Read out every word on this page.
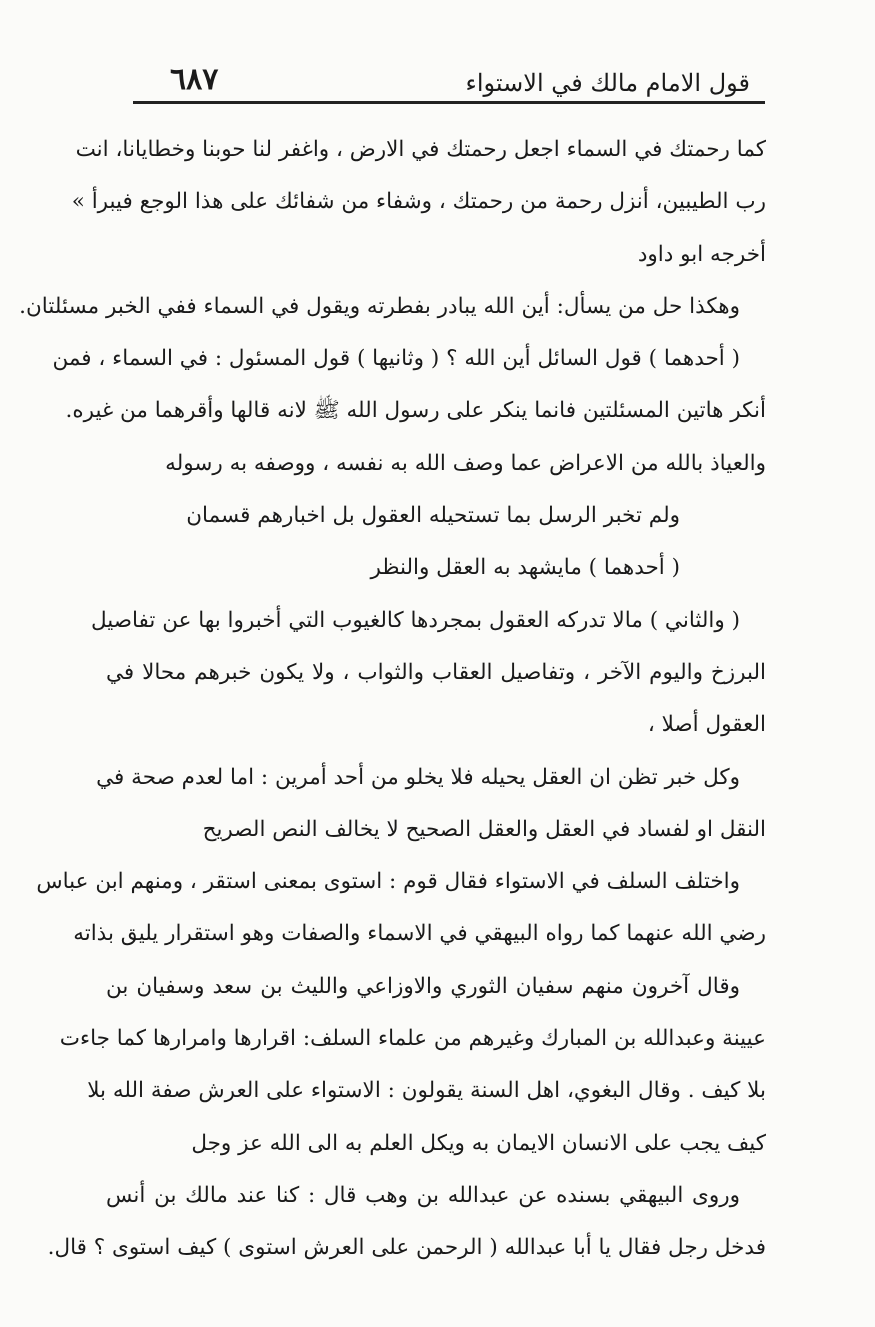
قول الامام مالك في الاستواء
٦٨٧
كما رحمتك في السماء اجعل رحمتك في الارض ، واغفر لنا حوبنا وخطايانا، انت
رب الطيبين، أنزل رحمة من رحمتك ، وشفاء من شفائك على هذا الوجع فيبرأ »
أخرجه ابو داود
وهكذا حل من يسأل: أين الله يبادر بفطرته ويقول في السماء ففي الخبر مسئلتان.
( أحدهما ) قول السائل أين الله ؟ ( وثانيها ) قول المسئول : في السماء ، فمن
أنكر هاتين المسئلتين فانما ينكر على رسول الله ﷺ لانه قالها وأقرهما من غيره.
والعياذ بالله من الاعراض عما وصف الله به نفسه ، ووصفه به رسوله
ولم تخبر الرسل بما تستحيله العقول بل اخبارهم قسمان
( أحدهما ) مايشهد به العقل والنظر
( والثاني ) مالا تدركه العقول بمجردها كالغيوب التي أخبروا بها عن تفاصيل
البرزخ واليوم الآخر ، وتفاصيل العقاب والثواب ، ولا يكون خبرهم محالا في
العقول أصلا ،
وكل خبر تظن ان العقل يحيله فلا يخلو من أحد أمرين : اما لعدم صحة في
النقل او لفساد في العقل والعقل الصحيح لا يخالف النص الصريح
واختلف السلف في الاستواء فقال قوم : استوى بمعنى استقر ، ومنهم ابن عباس
رضي الله عنهما كما رواه البيهقي في الاسماء والصفات وهو استقرار يليق بذاته
وقال آخرون منهم سفيان الثوري والاوزاعي والليث بن سعد وسفيان بن
عيينة وعبدالله بن المبارك وغيرهم من علماء السلف: اقرارها وامرارها كما جاءت
بلا كيف . وقال البغوي، اهل السنة يقولون : الاستواء على العرش صفة الله بلا
كيف يجب على الانسان الايمان به ويكل العلم به الى الله عز وجل
وروى البيهقي بسنده عن عبدالله بن وهب قال : كنا عند مالك بن أنس
فدخل رجل فقال يا أبا عبدالله ( الرحمن على العرش استوى ) كيف استوى ؟ قال.
